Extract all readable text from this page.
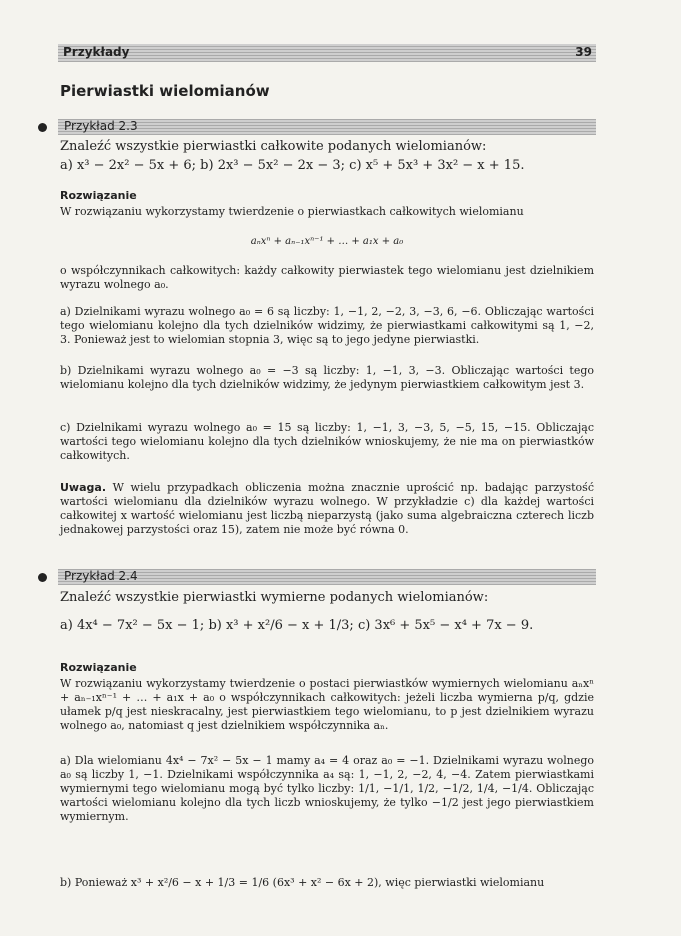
Przykłady	39
Pierwiastki wielomianów
Przykład 2.3
Znaleźć wszystkie pierwiastki całkowite podanych wielomianów:
a) x³ − 2x² − 5x + 6; b) 2x³ − 5x² − 2x − 3; c) x⁵ + 5x³ + 3x² − x + 15.
Rozwiązanie
W rozwiązaniu wykorzystamy twierdzenie o pierwiastkach całkowitych wielomianu
aₙxⁿ + aₙ₋₁xⁿ⁻¹ + … + a₁x + a₀
o współczynnikach całkowitych: każdy całkowity pierwiastek tego wielomianu jest dzielnikiem wyrazu wolnego a₀.
a) Dzielnikami wyrazu wolnego a₀ = 6 są liczby: 1, −1, 2, −2, 3, −3, 6, −6. Obliczając wartości tego wielomianu kolejno dla tych dzielników widzimy, że pierwiastkami całkowitymi są 1, −2, 3. Ponieważ jest to wielomian stopnia 3, więc są to jego jedyne pierwiastki.
b) Dzielnikami wyrazu wolnego a₀ = −3 są liczby: 1, −1, 3, −3. Obliczając wartości tego wielomianu kolejno dla tych dzielników widzimy, że jedynym pierwiastkiem całkowitym jest 3.
c) Dzielnikami wyrazu wolnego a₀ = 15 są liczby: 1, −1, 3, −3, 5, −5, 15, −15. Obliczając wartości tego wielomianu kolejno dla tych dzielników wnioskujemy, że nie ma on pierwiastków całkowitych.
Uwaga. W wielu przypadkach obliczenia można znacznie uprościć np. badając parzystość wartości wielomianu dla dzielników wyrazu wolnego. W przykładzie c) dla każdej wartości całkowitej x wartość wielomianu jest liczbą nieparzystą (jako suma algebraiczna czterech liczb jednakowej parzystości oraz 15), zatem nie może być równa 0.
Przykład 2.4
Znaleźć wszystkie pierwiastki wymierne podanych wielomianów:
a) 4x⁴ − 7x² − 5x − 1; b) x³ + x²/6 − x + 1/3; c) 3x⁶ + 5x⁵ − x⁴ + 7x − 9.
Rozwiązanie
W rozwiązaniu wykorzystamy twierdzenie o postaci pierwiastków wymiernych wielomianu aₙxⁿ + aₙ₋₁xⁿ⁻¹ + … + a₁x + a₀ o współczynnikach całkowitych: jeżeli liczba wymierna p/q, gdzie ułamek p/q jest nieskracalny, jest pierwiastkiem tego wielomianu, to p jest dzielnikiem wyrazu wolnego a₀, natomiast q jest dzielnikiem współczynnika aₙ.
a) Dla wielomianu 4x⁴ − 7x² − 5x − 1 mamy a₄ = 4 oraz a₀ = −1. Dzielnikami wyrazu wolnego a₀ są liczby 1, −1. Dzielnikami współczynnika a₄ są: 1, −1, 2, −2, 4, −4. Zatem pierwiastkami wymiernymi tego wielomianu mogą być tylko liczby: 1/1, −1/1, 1/2, −1/2, 1/4, −1/4. Obliczając wartości wielomianu kolejno dla tych liczb wnioskujemy, że tylko −1/2 jest jego pierwiastkiem wymiernym.
b) Ponieważ x³ + x²/6 − x + 1/3 = 1/6 (6x³ + x² − 6x + 2), więc pierwiastki wielomianu
